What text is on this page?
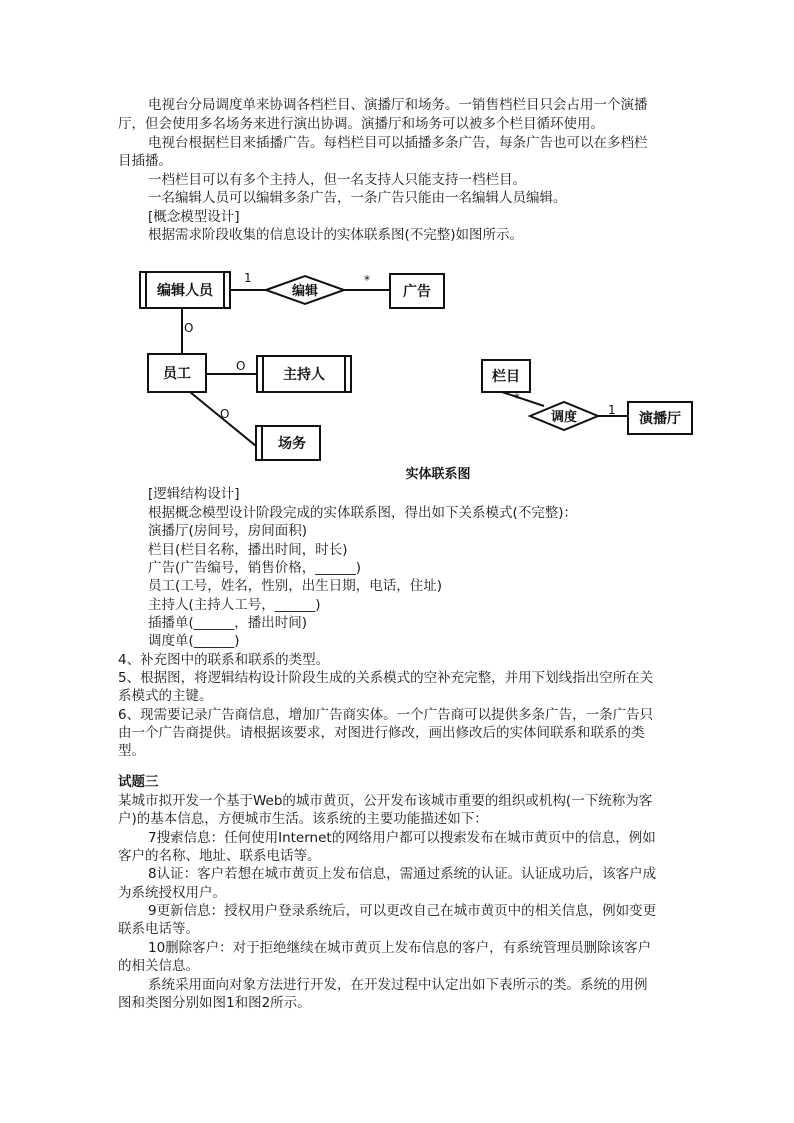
电视台分局调度单来协调各档栏目、演播厅和场务。一销售档栏目只会占用一个演播
厅，但会使用多名场务来进行演出协调。演播厅和场务可以被多个栏目循环使用。
电视台根据栏目来插播广告。每档栏目可以插播多条广告，每条广告也可以在多档栏
目插播。
一档栏目可以有多个主持人，但一名支持人只能支持一档栏目。
一名编辑人员可以编辑多条广告，一条广告只能由一名编辑人员编辑。
[概念模型设计]
根据需求阶段收集的信息设计的实体联系图(不完整)如图所示。
编辑人员	编辑	广告
员工	主持人
场务
栏目
调度	演播厅
1	*
O
O
O
*
1
实体联系图
[逻辑结构设计]
根据概念模型设计阶段完成的实体联系图，得出如下关系模式(不完整)：
演播厅(房间号，房间面积)
栏目(栏目名称，播出时间，时长)
广告(广告编号，销售价格，______)
员工(工号，姓名，性别，出生日期，电话，住址)
主持人(主持人工号，______)
插播单(______，播出时间)
调度单(______)
4、补充图中的联系和联系的类型。
5、根据图，将逻辑结构设计阶段生成的关系模式的空补充完整，并用下划线指出空所在关
系模式的主键。
6、现需要记录广告商信息，增加广告商实体。一个广告商可以提供多条广告，一条广告只
由一个广告商提供。请根据该要求，对图进行修改，画出修改后的实体间联系和联系的类
型。
试题三
某城市拟开发一个基于Web的城市黄页，公开发布该城市重要的组织或机构(一下统称为客
户)的基本信息，方便城市生活。该系统的主要功能描述如下：
7搜索信息：任何使用Internet的网络用户都可以搜索发布在城市黄页中的信息，例如
客户的名称、地址、联系电话等。
8认证：客户若想在城市黄页上发布信息，需通过系统的认证。认证成功后，该客户成
为系统授权用户。
9更新信息：授权用户登录系统后，可以更改自己在城市黄页中的相关信息，例如变更
联系电话等。
10删除客户：对于拒绝继续在城市黄页上发布信息的客户，有系统管理员删除该客户
的相关信息。
系统采用面向对象方法进行开发，在开发过程中认定出如下表所示的类。系统的用例
图和类图分别如图1和图2所示。
